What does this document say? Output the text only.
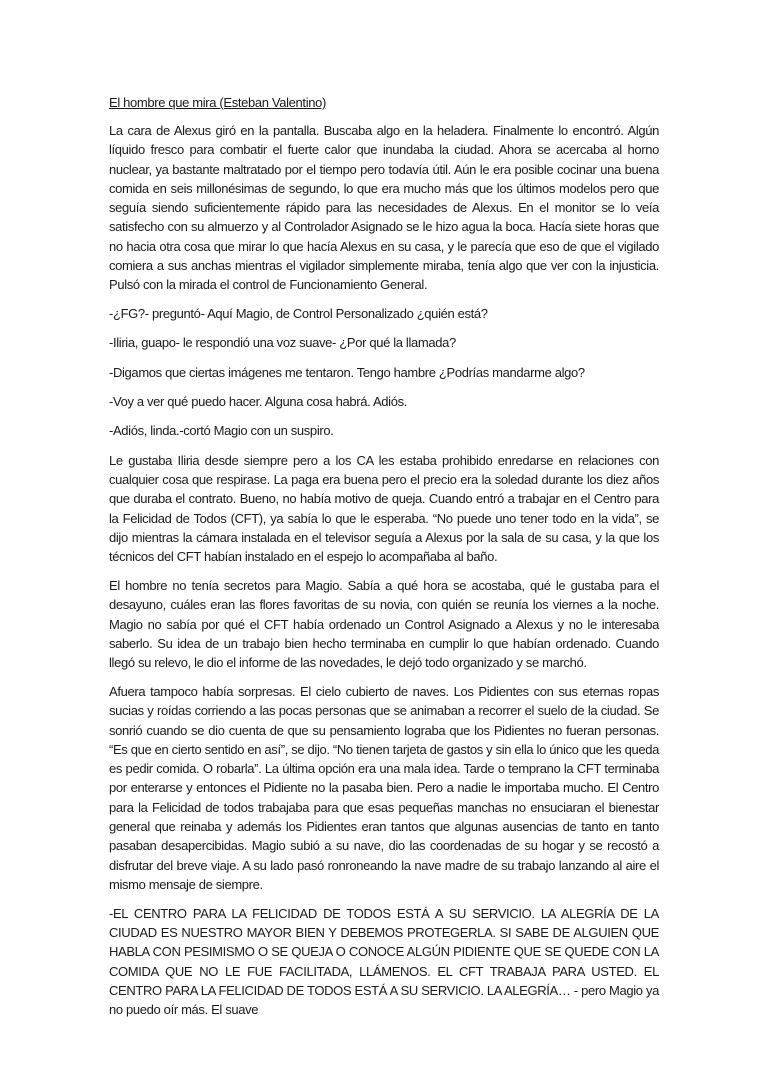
El hombre que mira (Esteban Valentino)

La cara de Alexus giró en la pantalla. Buscaba algo en la heladera. Finalmente lo encontró. Algún líquido fresco para combatir el fuerte calor que inundaba la ciudad. Ahora se acercaba al horno nuclear, ya bastante maltratado por el tiempo pero todavía útil. Aún le era posible cocinar una buena comida en seis millonésimas de segundo, lo que era mucho más que los últimos modelos pero que seguía siendo suficientemente rápido para las necesidades de Alexus. En el monitor se lo veía satisfecho con su almuerzo y al Controlador Asignado se le hizo agua la boca. Hacía siete horas que no hacia otra cosa que mirar lo que hacía Alexus en su casa, y le parecía que eso de que el vigilado comiera a sus anchas mientras el vigilador simplemente miraba, tenía algo que ver con la injusticia. Pulsó con la mirada el control de Funcionamiento General.

-¿FG?- preguntó- Aquí Magio, de Control Personalizado ¿quién está?

-Iliria, guapo- le respondió una voz suave- ¿Por qué la llamada?

-Digamos que ciertas imágenes me tentaron. Tengo hambre ¿Podrías mandarme algo?

-Voy a ver qué puedo hacer. Alguna cosa habrá. Adiós.

-Adiós, linda.-cortó Magio con un suspiro.

Le gustaba Iliria desde siempre pero a los CA les estaba prohibido enredarse en relaciones con cualquier cosa que respirase. La paga era buena pero el precio era la soledad durante los diez años que duraba el contrato. Bueno, no había motivo de queja. Cuando entró a trabajar en el Centro para la Felicidad de Todos (CFT), ya sabía lo que le esperaba. “No puede uno tener todo en la vida”, se dijo mientras la cámara instalada en el televisor seguía a Alexus por la sala de su casa, y la que los técnicos del CFT habían instalado en el espejo lo acompañaba al baño.

El hombre no tenía secretos para Magio. Sabía a qué hora se acostaba, qué le gustaba para el desayuno, cuáles eran las flores favoritas de su novia, con quién se reunía los viernes a la noche. Magio no sabía por qué el CFT había ordenado un Control Asignado a Alexus y no le interesaba saberlo. Su idea de un trabajo bien hecho terminaba en cumplir lo que habían ordenado. Cuando llegó su relevo, le dio el informe de las novedades, le dejó todo organizado y se marchó.

Afuera tampoco había sorpresas. El cielo cubierto de naves. Los Pidientes con sus eternas ropas sucias y roídas corriendo a las pocas personas que se animaban a recorrer el suelo de la ciudad. Se sonrió cuando se dio cuenta de que su pensamiento lograba que los Pidientes no fueran personas. “Es que en cierto sentido en así”, se dijo. “No tienen tarjeta de gastos y sin ella lo único que les queda es pedir comida. O robarla”. La última opción era una mala idea. Tarde o temprano la CFT terminaba por enterarse y entonces el Pidiente no la pasaba bien. Pero a nadie le importaba mucho. El Centro para la Felicidad de todos trabajaba para que esas pequeñas manchas no ensuciaran el bienestar general que reinaba y además los Pidientes eran tantos que algunas ausencias de tanto en tanto pasaban desapercibidas. Magio subió a su nave, dio las coordenadas de su hogar y se recostó a disfrutar del breve viaje. A su lado pasó ronroneando la nave madre de su trabajo lanzando al aire el mismo mensaje de siempre.

-EL CENTRO PARA LA FELICIDAD DE TODOS ESTÁ A SU SERVICIO. LA ALEGRÍA DE LA CIUDAD ES NUESTRO MAYOR BIEN Y DEBEMOS PROTEGERLA. SI SABE DE ALGUIEN QUE HABLA CON PESIMISMO O SE QUEJA O CONOCE ALGÚN PIDIENTE QUE SE QUEDE CON LA COMIDA QUE NO LE FUE FACILITADA, LLÁMENOS. EL CFT TRABAJA PARA USTED. EL CENTRO PARA LA FELICIDAD DE TODOS ESTÁ A SU SERVICIO. LA ALEGRÍA… - pero Magio ya no puedo oír más. El suave
